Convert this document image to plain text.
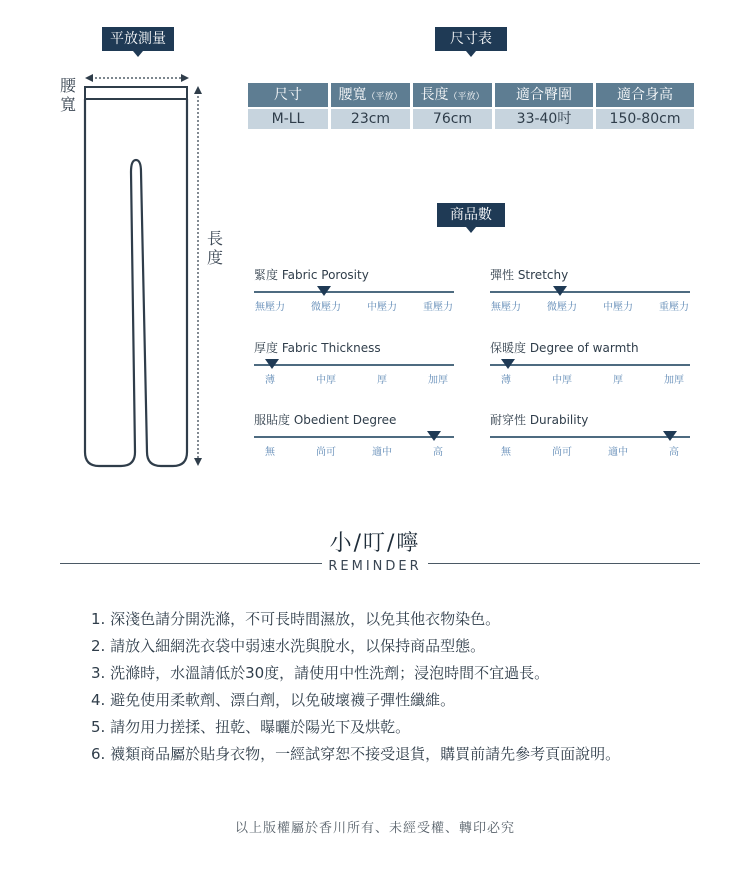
平放測量
腰寬
長度
尺寸表
尺寸	腰寬（平放）	長度（平放）	適合臀圍	適合身高
M-LL	23cm	76cm	33-40吋	150-80cm
商品數值
緊度 Fabric Porosity
無壓力	微壓力	中壓力	重壓力
彈性 Stretchy
無壓力	微壓力	中壓力	重壓力
厚度 Fabric Thickness
薄	中厚	厚	加厚
保暖度 Degree of warmth
薄	中厚	厚	加厚
服貼度 Obedient Degree
無	尚可	適中	高
耐穿性 Durability
無	尚可	適中	高
小/叮/嚀
REMINDER
1. 深淺色請分開洗滌，不可長時間濕放，以免其他衣物染色。
2. 請放入細網洗衣袋中弱速水洗與脫水，以保持商品型態。
3. 洗滌時，水溫請低於30度，請使用中性洗劑；浸泡時間不宜過長。
4. 避免使用柔軟劑、漂白劑，以免破壞襪子彈性纖維。
5. 請勿用力搓揉、扭乾、曝曬於陽光下及烘乾。
6. 襪類商品屬於貼身衣物，一經試穿恕不接受退貨，購買前請先參考頁面說明。
以上版權屬於香川所有、未經受權、轉印必究
